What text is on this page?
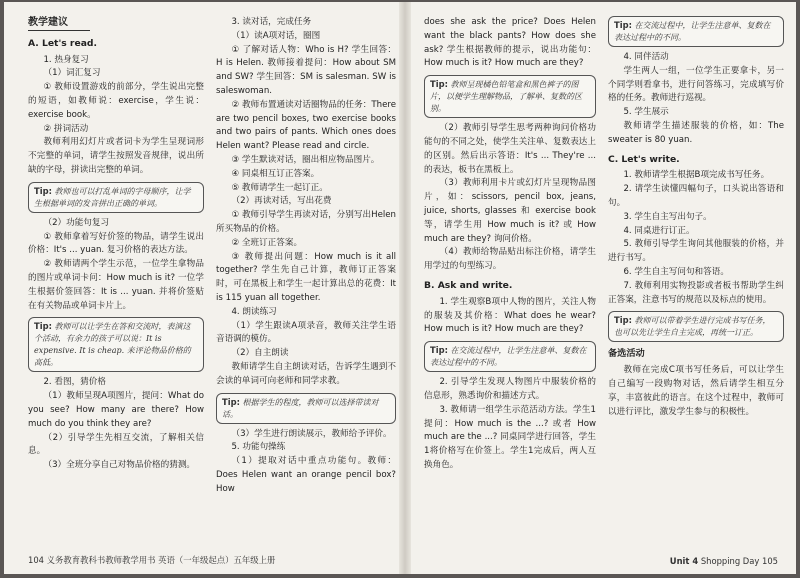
教学建议

A. Let's read.

1. 热身复习

（1）词汇复习

① 教师设置游戏的前部分，学生说出完整的短语，如教师说：exercise，学生说：exercise book。

② 拼词活动

教师利用幻灯片或者词卡为学生呈现词形不完整的单词，请学生按照发音规律，说出所缺的字母，拼读出完整的单词。

Tip: 教师也可以打乱单词的字母顺序，让学生根据单词的发音拼出正确的单词。

（2）功能句复习

① 教师拿着写好价签的物品，请学生说出价格：It's ... yuan. 复习价格的表达方法。

② 教师请两个学生示范，一位学生拿物品的图片或单词卡问：How much is it? 一位学生根据价签回答：It is ... yuan. 并将价签贴在有关物品或单词卡片上。

Tip: 教师可以让学生在答和交流时，表演这个活动，有余力的孩子可以说：It is expensive. It is cheap. 来评论物品价格的高低。

2. 看图，猜价格

（1）教师呈现A项图片，提问：What do you see? How many are there? How much do you think they are?

（2）引导学生先相互交流，了解相关信息。

（3）全班分享自己对物品价格的猜测。

3. 读对话，完成任务

（1）读A项对话，圈图

① 了解对话人物：Who is H? 学生回答：H is Helen. 教师接着提问：How about SM and SW? 学生回答：SM is salesman. SW is saleswoman.

② 教师布置通读对话圈物品的任务：There are two pencil boxes, two exercise books and two pairs of pants. Which ones does Helen want? Please read and circle.

③ 学生默读对话，圈出相应物品图片。

④ 同桌相互订正答案。

⑤ 教师请学生一起订正。

（2）再读对话，写出花费

① 教师引导学生再读对话，分别写出Helen所买物品的价格。

② 全班订正答案。

③ 教师提出问题：How much is it all together? 学生先自己计算，教师订正答案时，可在黑板上和学生一起计算出总的花费：It is 115 yuan all together.

4. 朗读练习

（1）学生跟读A项录音，教师关注学生语音语调的模仿。

（2）自主朗读

教师请学生自主朗读对话，告诉学生遇到不会读的单词可向老师和同学求教。

Tip: 根据学生的程度，教师可以选择带读对话。

（3）学生进行朗读展示，教师给予评价。

5. 功能句操练

（1）提取对话中重点功能句。教师：Does Helen want an orange pencil box? How

does she ask the price? Does Helen want the black pants? How does she ask? 学生根据教师的提示，说出功能句：How much is it? How much are they?

Tip: 教师呈现橘色铅笔盒和黑色裤子的图片，以便学生理解物品，了解单、复数的区别。

（2）教师引导学生思考两种询问价格功能句的不同之处，使学生关注单、复数表达上的区别。然后出示答语：It's ... They're ... 的表达，板书在黑板上。

（3）教师利用卡片或幻灯片呈现物品图片，如：scissors, pencil box, jeans, juice, shorts, glasses 和 exercise book 等，请学生用 How much is it? 或 How much are they? 询问价格。

（4）教师给物品贴出标注价格，请学生用学过的句型练习。

B. Ask and write.

1. 学生观察B项中人物的图片，关注人物的服装及其价格：What does he wear? How much is it? How much are they?

Tip: 在交流过程中，让学生注意单、复数在表达过程中的不同。

2. 引导学生发现人物图片中服装价格的信息形，熟悉询价和描述方式。

3. 教师请一组学生示范活动方法。学生1提问：How much is the ...? 或者 How much are the ...? 同桌同学进行回答，学生1将价格写在价签上。学生1完成后，两人互换角色。

Tip: 在交流过程中，让学生注意单、复数在表达过程中的不同。

4. 同伴活动

学生两人一组，一位学生正要拿卡，另一个同学则看拿书，进行问答练习，完成填写价格的任务。教师进行巡视。

5. 学生展示

教师请学生描述服装的价格，如：The sweater is 80 yuan.

C. Let's write.

1. 教师请学生根据B项完成书写任务。

2. 请学生读懂四幅句子，口头说出答语和句。

3. 学生自主写出句子。

4. 同桌进行订正。

5. 教师引导学生询问其他服装的价格，并进行书写。

6. 学生自主写问句和答语。

7. 教师利用实物投影或者板书帮助学生纠正答案，注意书写的规范以及标点的使用。

Tip: 教师可以带着学生进行完成书写任务，也可以先让学生自主完成，再统一订正。

备选活动

教师在完成C项书写任务后，可以让学生自己编写一段购物对话，然后请学生相互分享，丰富彼此的语言。在这个过程中，教师可以进行评比，激发学生参与的积极性。

104 义务教育教科书教师教学用书 英语（一年级起点）五年级上册	Unit 4 Shopping Day 105
